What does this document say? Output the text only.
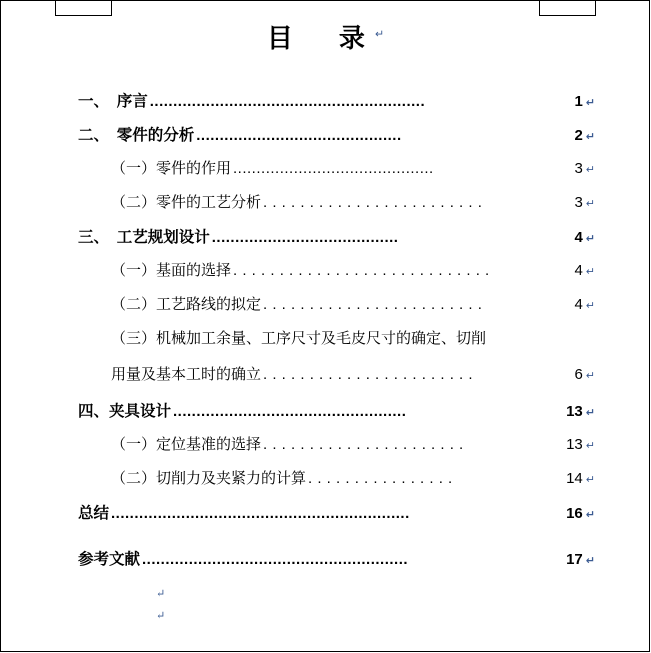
目　录↵
一、　序言 ...........................................................	1 ↵
二、　零件的分析 ............................................	2 ↵
（一）零件的作用 ...........................................	3 ↵
（二）零件的工艺分析 . . . . . . . . . . . . . . . . . . . . . . . .	3 ↵
三、　工艺规划设计 ........................................	4 ↵
（一）基面的选择 . . . . . . . . . . . . . . . . . . . . . . . . . . . .	4 ↵
（二）工艺路线的拟定 . . . . . . . . . . . . . . . . . . . . . . . .	4 ↵
（三）机械加工余量、工序尺寸及毛皮尺寸的确定、切削
用量及基本工时的确立 . . . . . . . . . . . . . . . . . . . . . . .	6 ↵
四、夹具设计 ..................................................	13 ↵
（一）定位基准的选择 . . . . . . . . . . . . . . . . . . . . . .	13 ↵
（二）切削力及夹紧力的计算 . . . . . . . . . . . . . . . .	14 ↵
总结 ................................................................	16 ↵
参考文献 .........................................................	17 ↵
↵
↵
